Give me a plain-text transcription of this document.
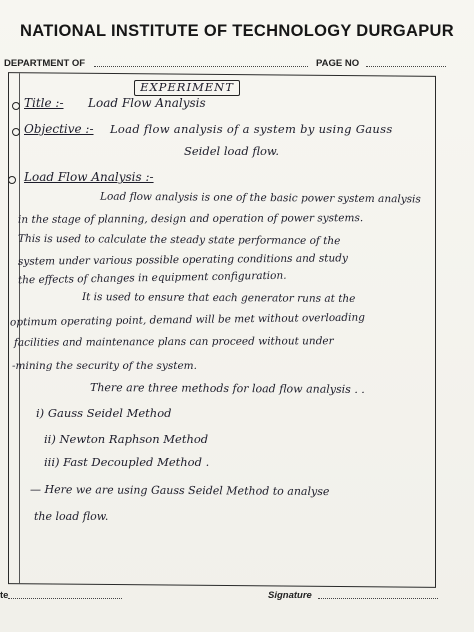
NATIONAL INSTITUTE OF TECHNOLOGY DURGAPUR
DEPARTMENT OF	PAGE NO
EXPERIMENT
Title :- Load Flow Analysis
Objective :- Load flow analysis of a system by using Gauss
Seidel load flow.
Load Flow Analysis :-
Load flow analysis is one of the basic power system analysis
in the stage of planning, design and operation of power systems.
This is used to calculate the steady state performance of the
system under various possible operating conditions and study
the effects of changes in equipment configuration.
It is used to ensure that each generator runs at the
optimum operating point, demand will be met without overloading
facilities and maintenance plans can proceed without under
-mining the security of the system.
There are three methods for load flow analysis . .
i) Gauss Seidel Method
ii) Newton Raphson Method
iii) Fast Decoupled Method .
— Here we are using Gauss Seidel Method to analyse
the load flow.
te	Signature
